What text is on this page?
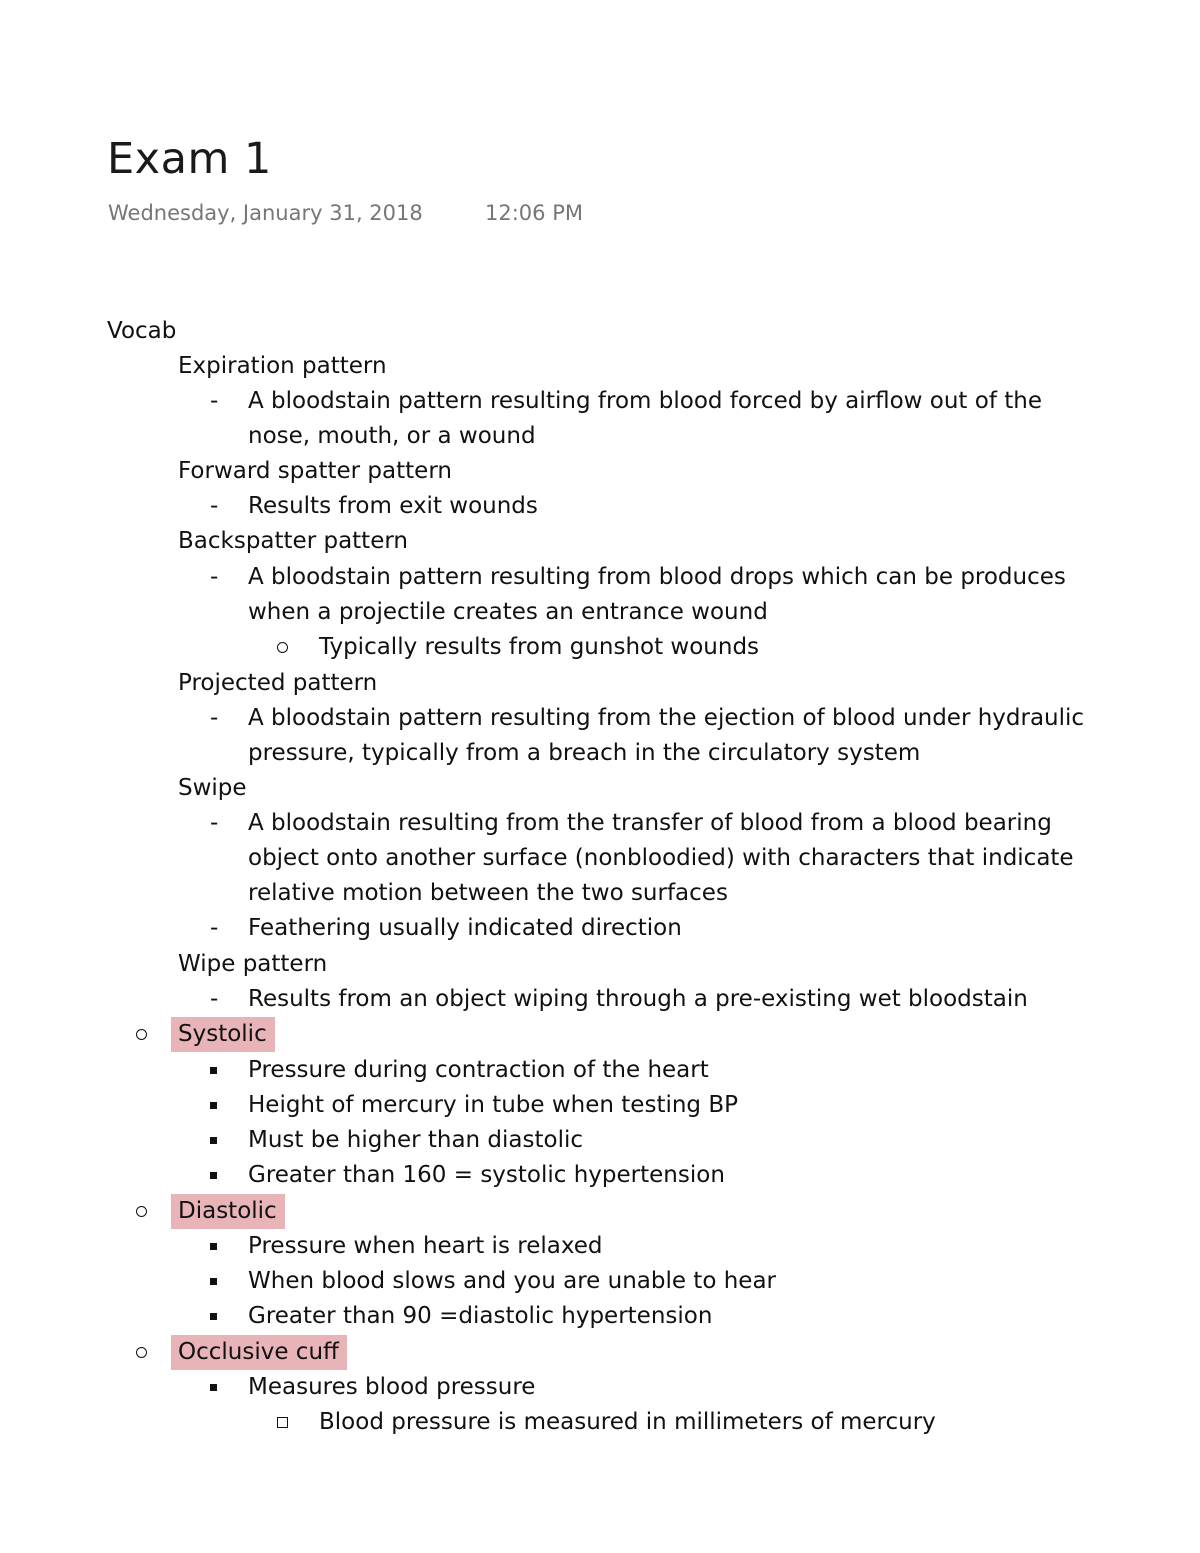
Exam 1
Wednesday, January 31, 2018	12:06 PM
Vocab
Expiration pattern
- A bloodstain pattern resulting from blood forced by airflow out of the
nose, mouth, or a wound
Forward spatter pattern
- Results from exit wounds
Backspatter pattern
- A bloodstain pattern resulting from blood drops which can be produces
when a projectile creates an entrance wound
Typically results from gunshot wounds
Projected pattern
- A bloodstain pattern resulting from the ejection of blood under hydraulic
pressure, typically from a breach in the circulatory system
Swipe
- A bloodstain resulting from the transfer of blood from a blood bearing
object onto another surface (nonbloodied) with characters that indicate
relative motion between the two surfaces
- Feathering usually indicated direction
Wipe pattern
- Results from an object wiping through a pre-existing wet bloodstain
Systolic
Pressure during contraction of the heart
Height of mercury in tube when testing BP
Must be higher than diastolic
Greater than 160 = systolic hypertension
Diastolic
Pressure when heart is relaxed
When blood slows and you are unable to hear
Greater than 90 =diastolic hypertension
Occlusive cuff
Measures blood pressure
Blood pressure is measured in millimeters of mercury
